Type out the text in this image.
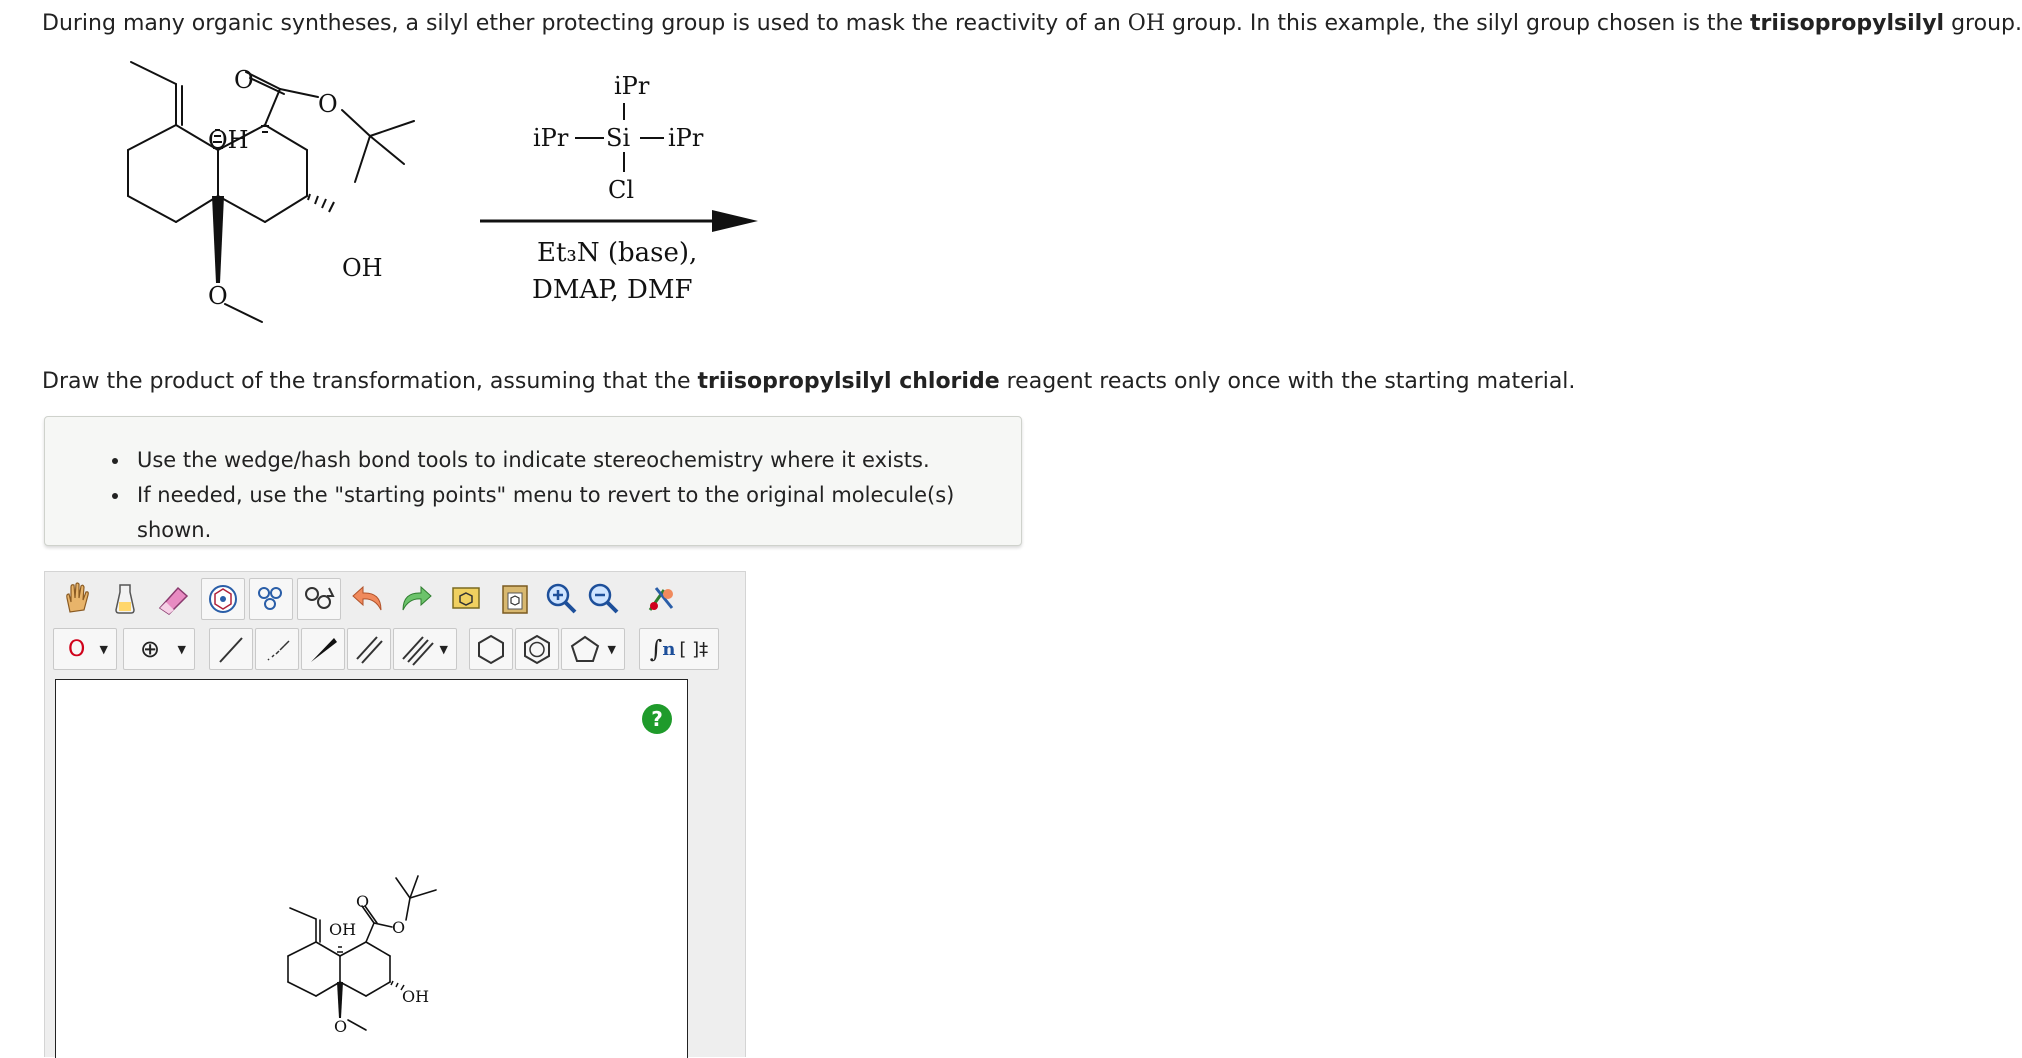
During many organic syntheses, a silyl ether protecting group is used to mask the reactivity of an OH group. In this example, the silyl group chosen is the triisopropylsilyl group.
O
O
OH
OH
O
iPr
iPr Si iPr
Cl
Et₃N (base),
DMAP, DMF
Draw the product of the transformation, assuming that the triisopropylsilyl chloride reagent reacts only once with the starting material.
• Use the wedge/hash bond tools to indicate stereochemistry where it exists.
• If needed, use the "starting points" menu to revert to the original molecule(s) shown.
O ▼ ⊕ ▼	▼	▼ ∫ n [ ]‡
?
O
O
OH
OH
O
